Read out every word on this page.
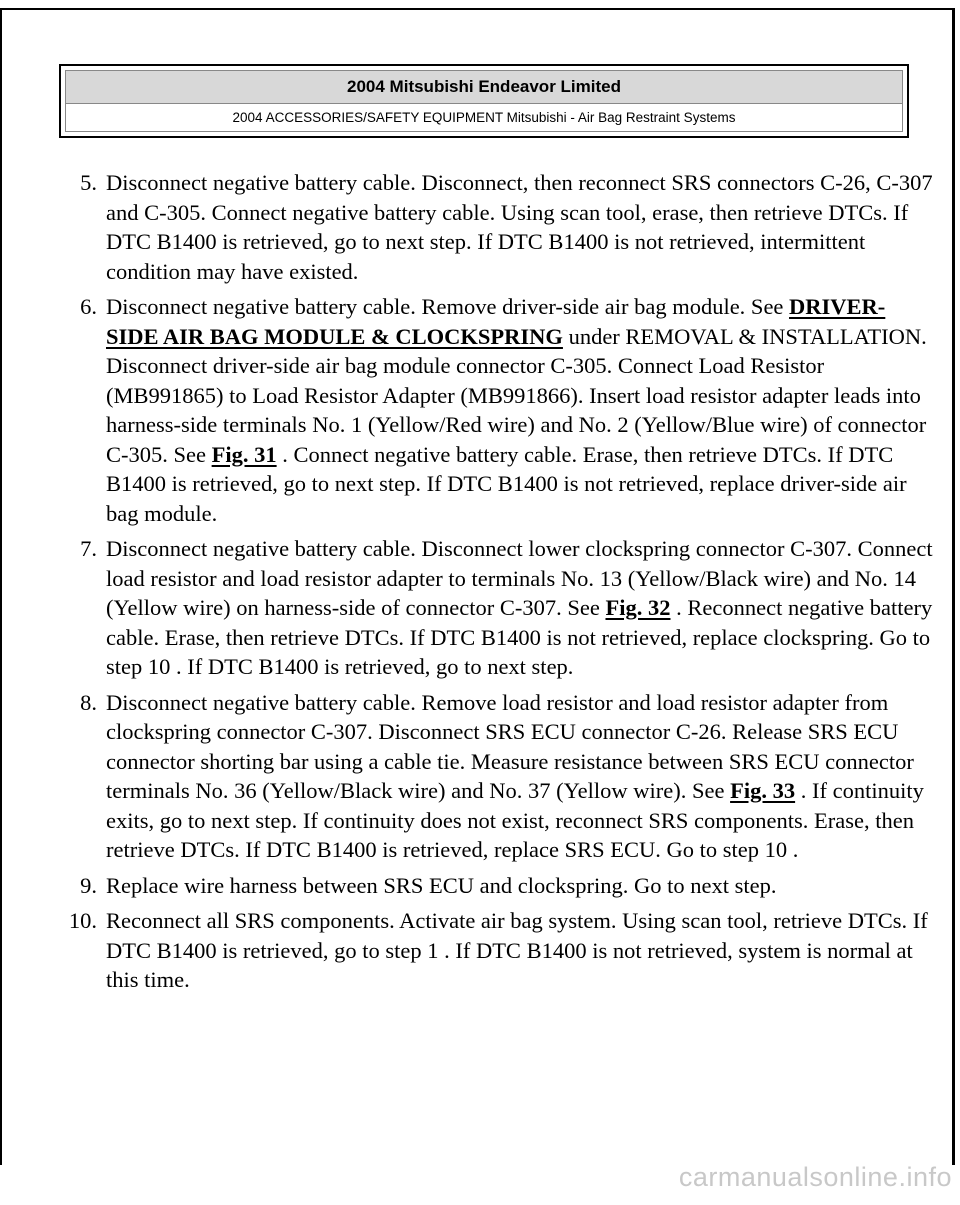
2004 Mitsubishi Endeavor Limited
2004 ACCESSORIES/SAFETY EQUIPMENT Mitsubishi - Air Bag Restraint Systems
5. Disconnect negative battery cable. Disconnect, then reconnect SRS connectors C-26, C-307 and C-305. Connect negative battery cable. Using scan tool, erase, then retrieve DTCs. If DTC B1400 is retrieved, go to next step. If DTC B1400 is not retrieved, intermittent condition may have existed.
6. Disconnect negative battery cable. Remove driver-side air bag module. See DRIVER-SIDE AIR BAG MODULE & CLOCKSPRING under REMOVAL & INSTALLATION. Disconnect driver-side air bag module connector C-305. Connect Load Resistor (MB991865) to Load Resistor Adapter (MB991866). Insert load resistor adapter leads into harness-side terminals No. 1 (Yellow/Red wire) and No. 2 (Yellow/Blue wire) of connector C-305. See Fig. 31 . Connect negative battery cable. Erase, then retrieve DTCs. If DTC B1400 is retrieved, go to next step. If DTC B1400 is not retrieved, replace driver-side air bag module.
7. Disconnect negative battery cable. Disconnect lower clockspring connector C-307. Connect load resistor and load resistor adapter to terminals No. 13 (Yellow/Black wire) and No. 14 (Yellow wire) on harness-side of connector C-307. See Fig. 32 . Reconnect negative battery cable. Erase, then retrieve DTCs. If DTC B1400 is not retrieved, replace clockspring. Go to step 10 . If DTC B1400 is retrieved, go to next step.
8. Disconnect negative battery cable. Remove load resistor and load resistor adapter from clockspring connector C-307. Disconnect SRS ECU connector C-26. Release SRS ECU connector shorting bar using a cable tie. Measure resistance between SRS ECU connector terminals No. 36 (Yellow/Black wire) and No. 37 (Yellow wire). See Fig. 33 . If continuity exits, go to next step. If continuity does not exist, reconnect SRS components. Erase, then retrieve DTCs. If DTC B1400 is retrieved, replace SRS ECU. Go to step 10 .
9. Replace wire harness between SRS ECU and clockspring. Go to next step.
10. Reconnect all SRS components. Activate air bag system. Using scan tool, retrieve DTCs. If DTC B1400 is retrieved, go to step 1 . If DTC B1400 is not retrieved, system is normal at this time.
carmanualsonline.info
